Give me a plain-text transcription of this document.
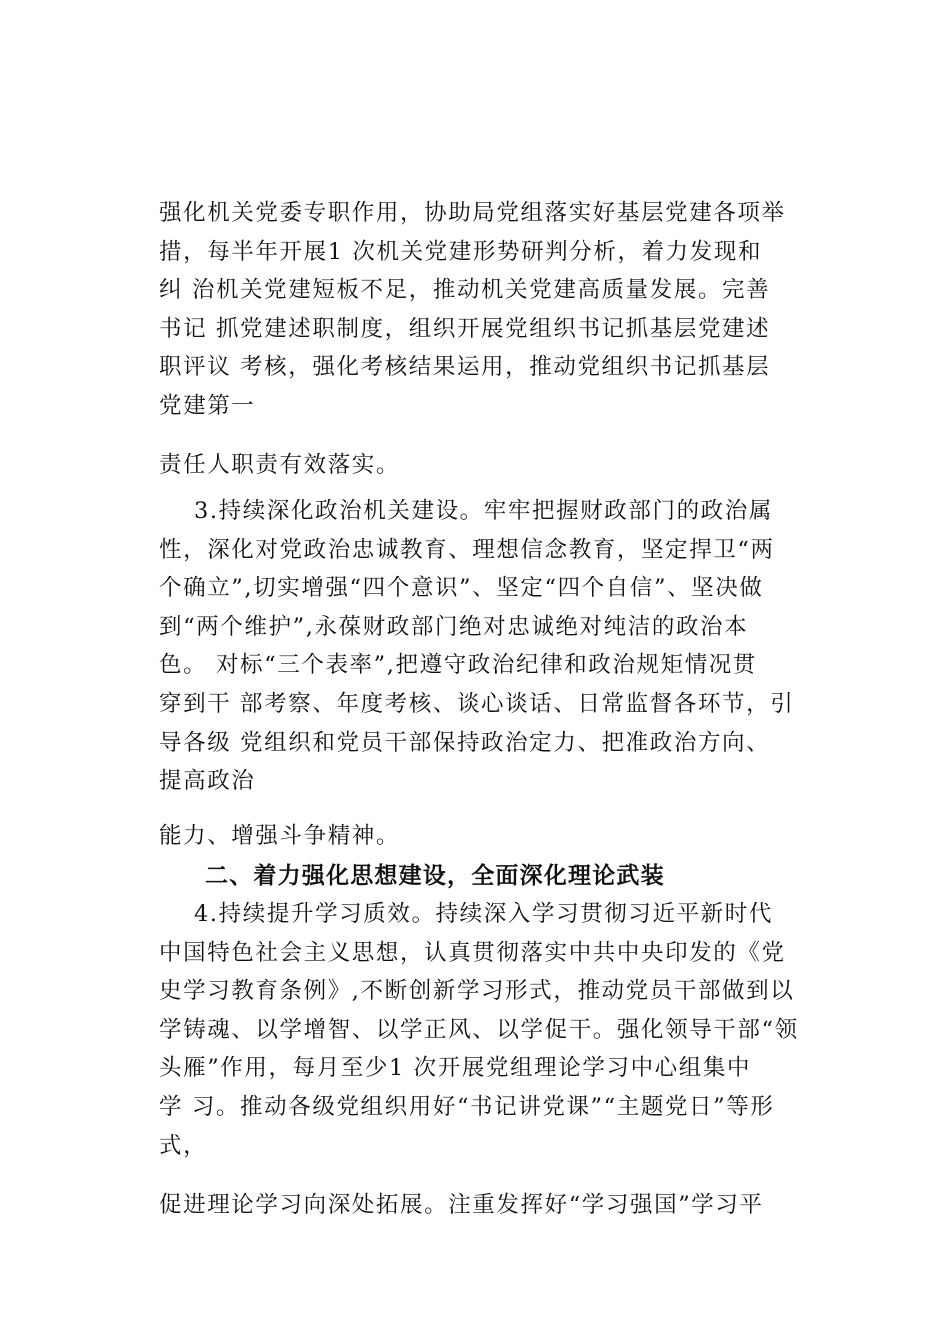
强化机关党委专职作用，协助局党组落实好基层党建各项举
措，每半年开展1 次机关党建形势研判分析，着力发现和
纠 治机关党建短板不足，推动机关党建高质量发展。完善
书记 抓党建述职制度，组织开展党组织书记抓基层党建述
职评议 考核，强化考核结果运用，推动党组织书记抓基层
党建第一
责任人职责有效落实。
3.持续深化政治机关建设。牢牢把握财政部门的政治属
性，深化对党政治忠诚教育、理想信念教育，坚定捍卫“两
个确立”,切实增强“四个意识”、坚定“四个自信”、坚决做
到“两个维护”,永葆财政部门绝对忠诚绝对纯洁的政治本
色。 对标“三个表率”,把遵守政治纪律和政治规矩情况贯
穿到干 部考察、年度考核、谈心谈话、日常监督各环节，引
导各级 党组织和党员干部保持政治定力、把准政治方向、
提高政治
能力、增强斗争精神。
二、着力强化思想建设，全面深化理论武装
4.持续提升学习质效。持续深入学习贯彻习近平新时代
中国特色社会主义思想，认真贯彻落实中共中央印发的《党
史学习教育条例》,不断创新学习形式，推动党员干部做到以
学铸魂、以学增智、以学正风、以学促干。强化领导干部“领
头雁”作用，每月至少1 次开展党组理论学习中心组集中
学 习。推动各级党组织用好“书记讲党课”“主题党日”等形
式，
促进理论学习向深处拓展。注重发挥好“学习强国”学习平
